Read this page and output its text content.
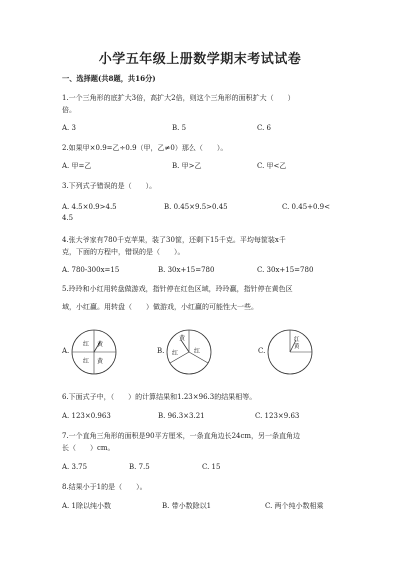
小学五年级上册数学期末考试试卷
一、选择题(共8题，共16分)
1.一个三角形的底扩大3倍，高扩大2倍，则这个三角形的面积扩大（　　）
倍。
A. 3	B. 5	C. 6
2.如果甲×0.9=乙÷0.9（甲，乙≠0）那么（　　）。
A. 甲=乙	B. 甲>乙	C. 甲<乙
3.下列式子错误的是（　　）。
A. 4.5×0.9>4.5	B. 0.45×9.5>0.45	C. 0.45+0.9<
4.5
4.张大爷家有780千克苹果，装了30筐，还剩下15千克。平均每筐装x千
克，下面的方程中，错误的是（　　）。
A. 780-300x=15	B. 30x+15=780	C. 30x+15=780
5.玲玲和小红用转盘做游戏，指针停在红色区域，玲玲赢，指针停在黄色区
域，小红赢。用转盘（　　）做游戏，小红赢的可能性大一些。
A.
红 黄
红 黄
B.
黄
红	红	C.
红
黄
6.下面式子中，（　　）的计算结果和1.23×96.3的结果相等。
A. 123×0.963	B. 96.3×3.21	C. 123×9.63
7.一个直角三角形的面积是90平方厘米，一条直角边长24cm，另一条直角边
长（　　）cm。
A. 3.75	B. 7.5	C. 15
8.结果小于1的是（　　）。
A. 1除以纯小数	B. 带小数除以1	C. 两个纯小数相乘
